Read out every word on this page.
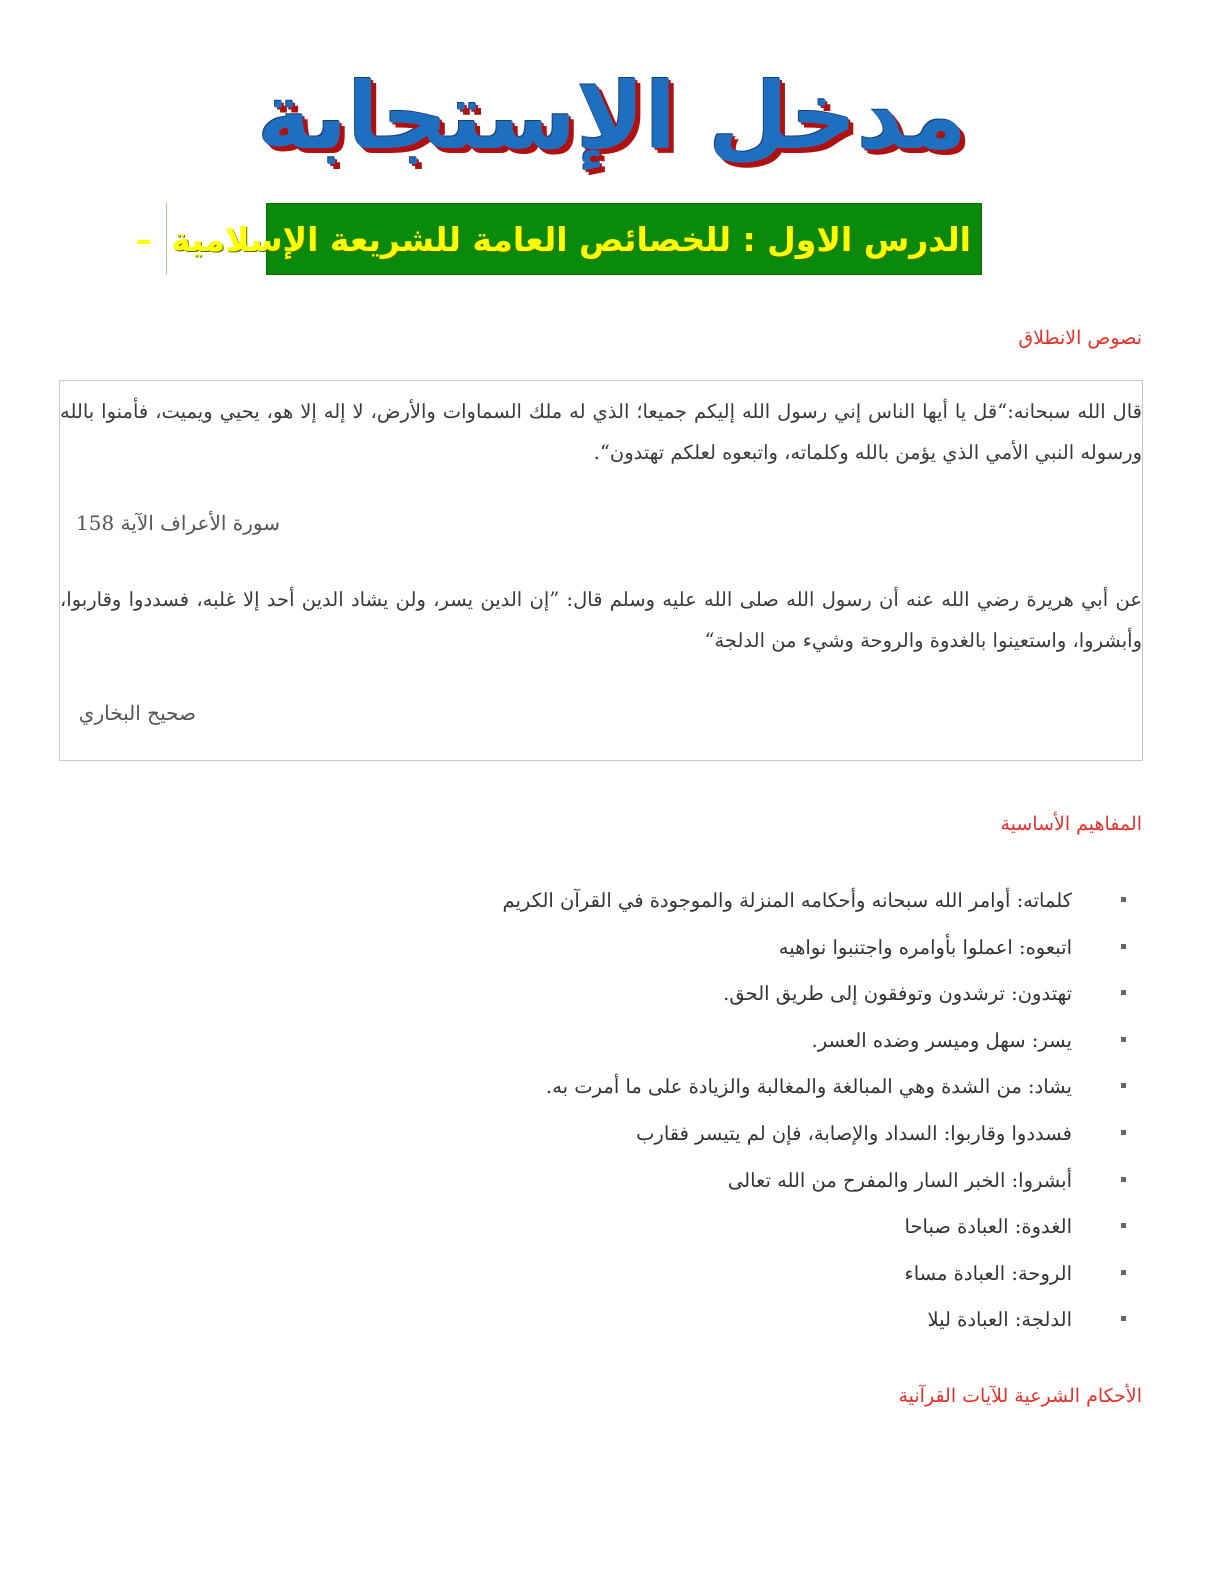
مدخل الإستجابة
الدرس الاول : للخصائص العامة للشريعة الإسلامية
–
نصوص الانطلاق
قال الله سبحانه:“قل يا أيها الناس إني رسول الله إليكم جميعا؛ الذي له ملك السماوات والأرض، لا إله إلا هو، يحيي ويميت، فأمنوا بالله ورسوله النبي الأمي الذي يؤمن بالله وكلماته، واتبعوه لعلكم تهتدون“.
سورة الأعراف الآية 158
عن أبي هريرة رضي الله عنه أن رسول الله صلى الله عليه وسلم قال: ”إن الدين يسر، ولن يشاد الدين أحد إلا غلبه، فسددوا وقاربوا، وأبشروا، واستعينوا بالغدوة والروحة وشيء من الدلجة“
صحيح البخاري
المفاهيم الأساسية
كلماته: أوامر الله سبحانه وأحكامه المنزلة والموجودة في القرآن الكريم
اتبعوه: اعملوا بأوامره واجتنبوا نواهيه
تهتدون: ترشدون وتوفقون إلى طريق الحق.
يسر: سهل وميسر وضده العسر.
يشاد: من الشدة وهي المبالغة والمغالبة والزيادة على ما أمرت به.
فسددوا وقاربوا: السداد والإصابة، فإن لم يتيسر فقارب
أبشروا: الخبر السار والمفرح من الله تعالى
الغدوة: العبادة صباحا
الروحة: العبادة مساء
الدلجة: العبادة ليلا
الأحكام الشرعية للآيات القرآنية
